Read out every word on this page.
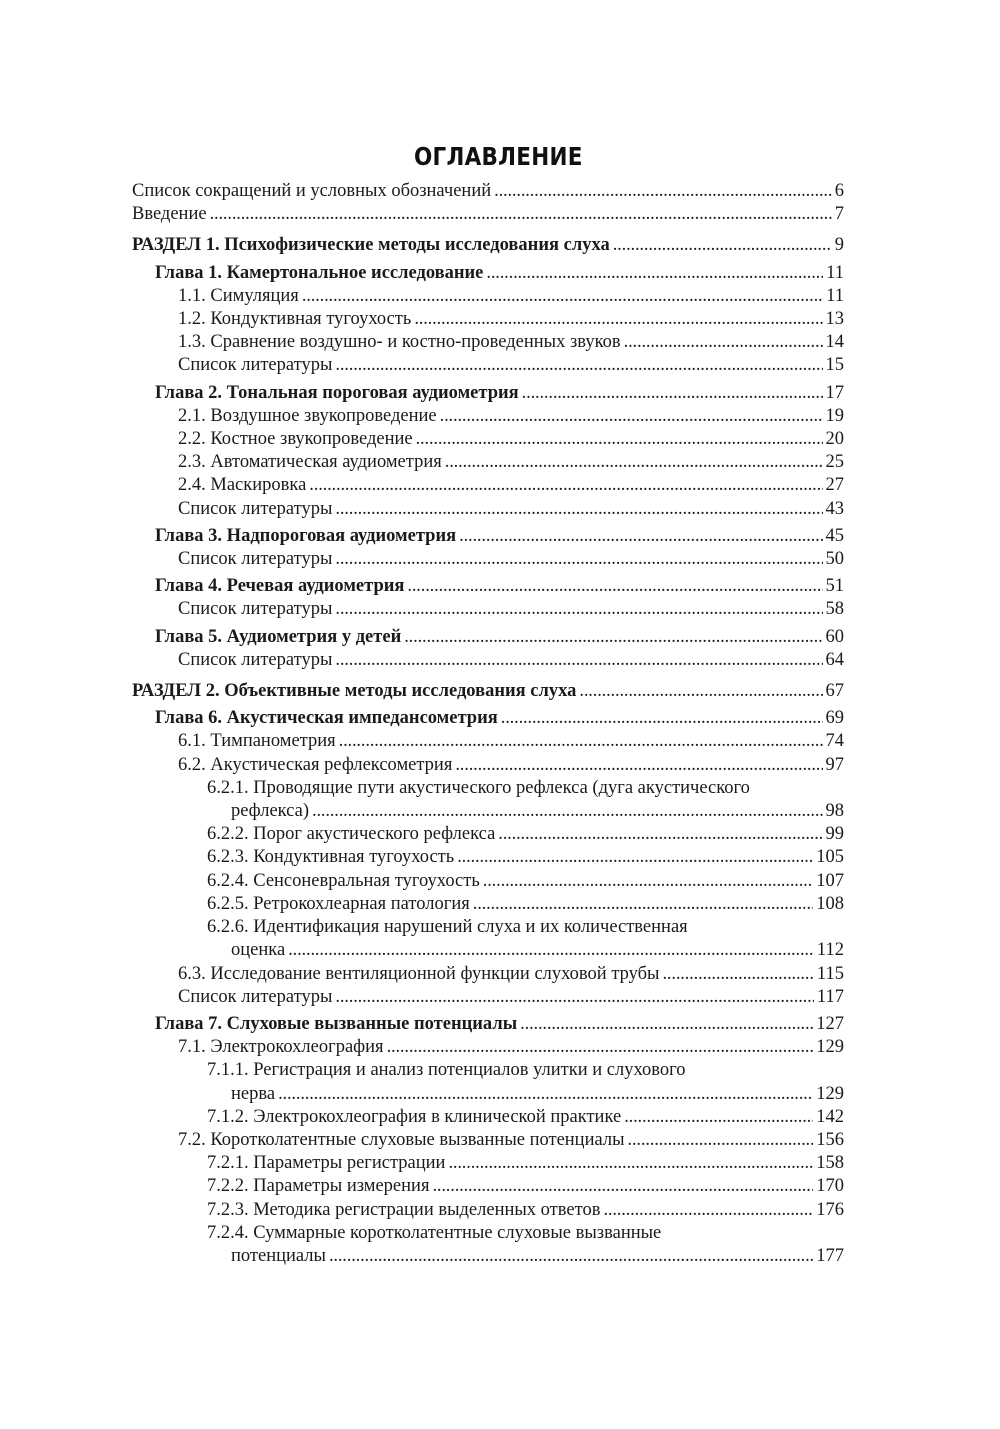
ОГЛАВЛЕНИЕ
Список сокращений и условных обозначений . . .	6
Введение . . .	7
РАЗДЕЛ 1. Психофизические методы исследования слуха . . .	9
Глава 1. Камертональное исследование . . .	11
1.1. Симуляция . . .	11
1.2. Кондуктивная тугоухость . . .	13
1.3. Сравнение воздушно- и костно-проведенных звуков . . .	14
Список литературы . . .	15
Глава 2. Тональная пороговая аудиометрия . . .	17
2.1. Воздушное звукопроведение . . .	19
2.2. Костное звукопроведение . . .	20
2.3. Автоматическая аудиометрия . . .	25
2.4. Маскировка . . .	27
Список литературы . . .	43
Глава 3. Надпороговая аудиометрия . . .	45
Список литературы . . .	50
Глава 4. Речевая аудиометрия . . .	51
Список литературы . . .	58
Глава 5. Аудиометрия у детей . . .	60
Список литературы . . .	64
РАЗДЕЛ 2. Объективные методы исследования слуха . . .	67
Глава 6. Акустическая импедансометрия . . .	69
6.1. Тимпанометрия . . .	74
6.2. Акустическая рефлексометрия . . .	97
6.2.1. Проводящие пути акустического рефлекса (дуга акустического
рефлекса) . . .	98
6.2.2. Порог акустического рефлекса . . .	99
6.2.3. Кондуктивная тугоухость . . .	105
6.2.4. Сенсоневральная тугоухость . . .	107
6.2.5. Ретрокохлеарная патология . . .	108
6.2.6. Идентификация нарушений слуха и их количественная
оценка . . .	112
6.3. Исследование вентиляционной функции слуховой трубы . . .	115
Список литературы . . .	117
Глава 7. Слуховые вызванные потенциалы . . .	127
7.1. Электрокохлеография . . .	129
7.1.1. Регистрация и анализ потенциалов улитки и слухового
нерва . . .	129
7.1.2. Электрокохлеография в клинической практике . . .	142
7.2. Коротколатентные слуховые вызванные потенциалы . . .	156
7.2.1. Параметры регистрации . . .	158
7.2.2. Параметры измерения . . .	170
7.2.3. Методика регистрации выделенных ответов . . .	176
7.2.4. Суммарные коротколатентные слуховые вызванные
потенциалы . . .	177
